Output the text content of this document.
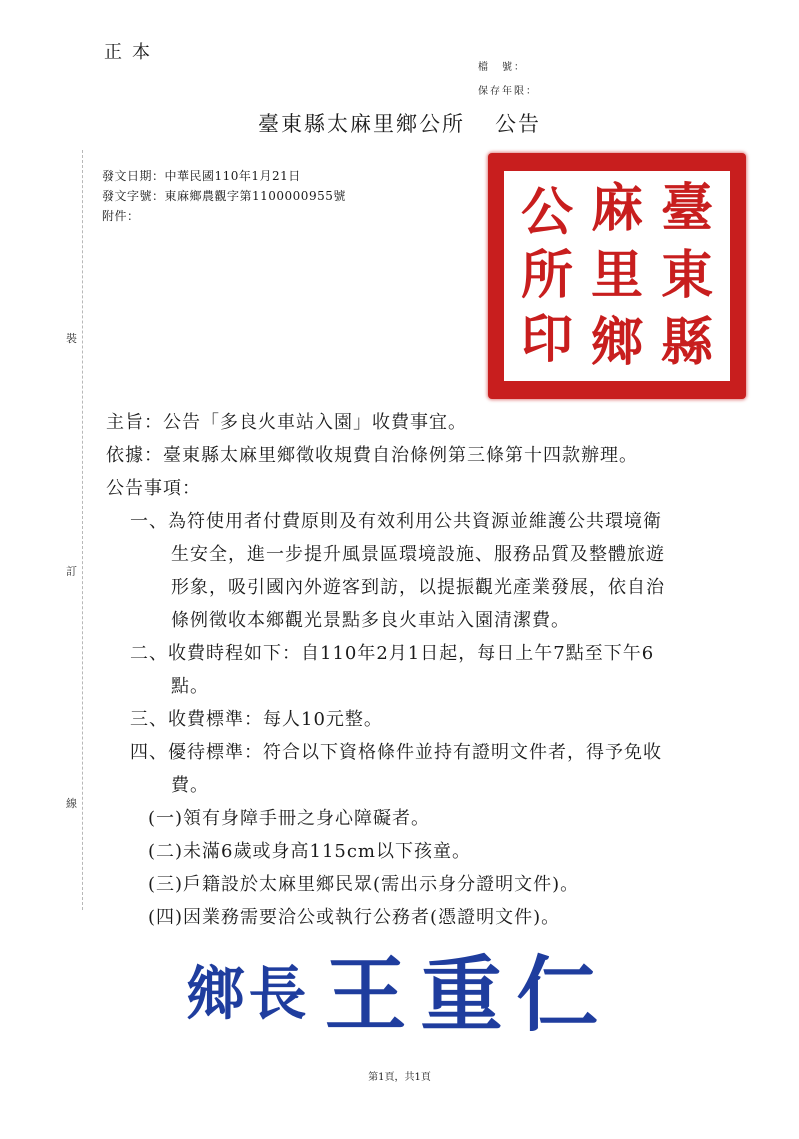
裝
訂
線
正本
檔　號：
保存年限：
臺東縣太麻里鄉公所 公告
發文日期：中華民國110年1月21日
發文字號：東麻鄉農觀字第1100000955號
附件：	臺
東
縣
麻
里
鄉
公
所
印
主旨：公告「多良火車站入園」收費事宜。
依據：臺東縣太麻里鄉徵收規費自治條例第三條第十四款辦理。
公告事項：
一、為符使用者付費原則及有效利用公共資源並維護公共環境衛
生安全，進一步提升風景區環境設施、服務品質及整體旅遊
形象，吸引國內外遊客到訪，以提振觀光產業發展，依自治
條例徵收本鄉觀光景點多良火車站入園清潔費。
二、收費時程如下：自110年2月1日起，每日上午7點至下午6
點。
三、收費標準：每人10元整。
四、優待標準：符合以下資格條件並持有證明文件者，得予免收
費。
(一)領有身障手冊之身心障礙者。
(二)未滿6歲或身高115cm以下孩童。
(三)戶籍設於太麻里鄉民眾(需出示身分證明文件)。
(四)因業務需要洽公或執行公務者(憑證明文件)。
鄉長 王重仁
第1頁，共1頁
